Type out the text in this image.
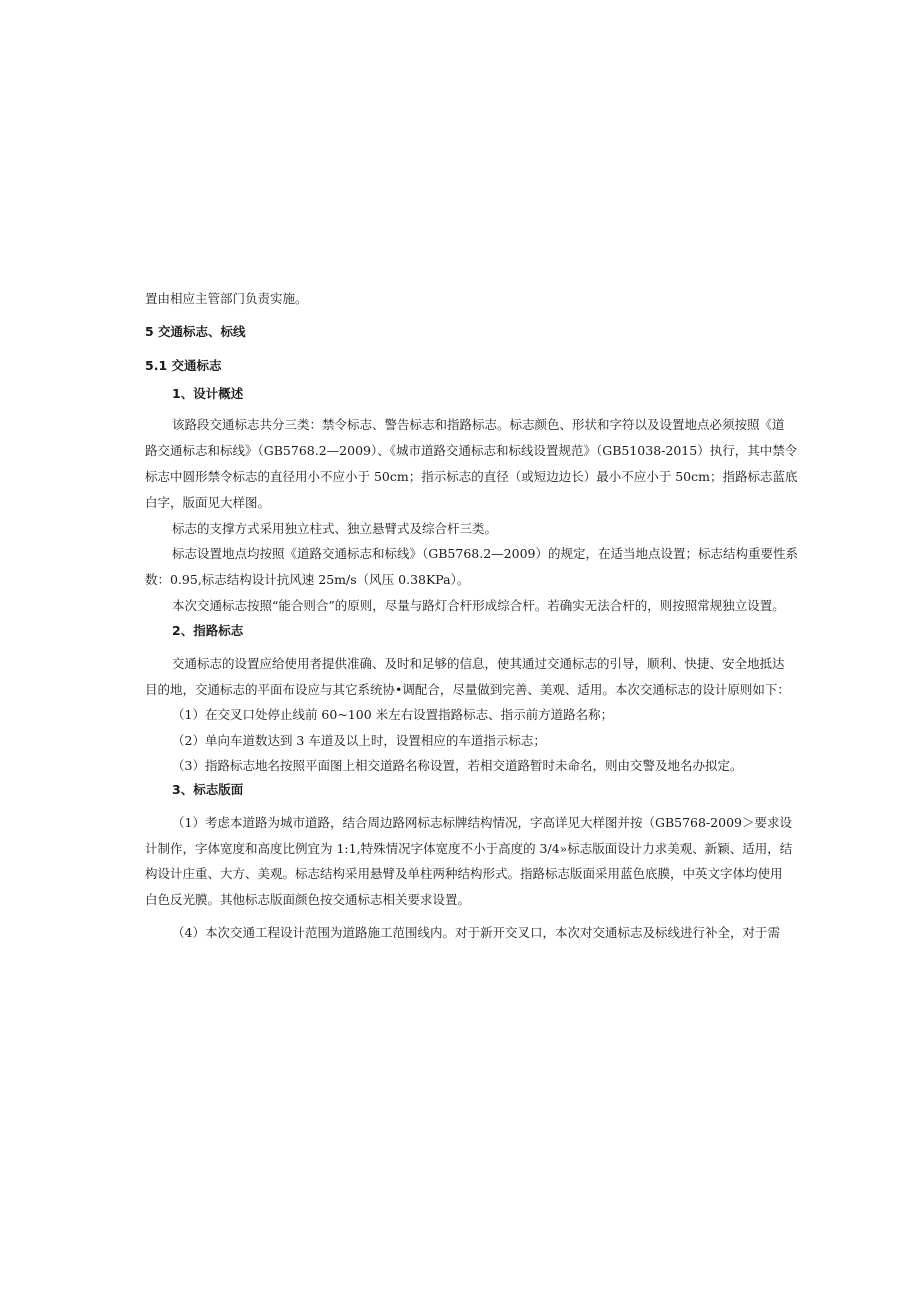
置由相应主管部门负责实施。
5 交通标志、标线
5.1 交通标志
1、设计概述
该路段交通标志共分三类：禁令标志、警告标志和指路标志。标志颜色、形状和字符以及设置地点必须按照《道
路交通标志和标线》（GB5768.2—2009）、《城市道路交通标志和标线设置规范》（GB51038-2015）执行，其中禁令
标志中圆形禁令标志的直径用小不应小于 50cm；指示标志的直径（或短边边长）最小不应小于 50cm；指路标志蓝底
白字，版面见大样图。
标志的支撑方式采用独立柱式、独立悬臂式及综合杆三类。
标志设置地点均按照《道路交通标志和标线》（GB5768.2—2009）的规定，在适当地点设置；标志结构重要性系
数：0.95,标志结构设计抗风速 25m/s（风压 0.38KPa）。
本次交通标志按照“能合则合”的原则，尽量与路灯合杆形成综合杆。若确实无法合杆的，则按照常规独立设置。
2、指路标志
交通标志的设置应给使用者提供准确、及时和足够的信息，使其通过交通标志的引导，顺利、快捷、安全地抵达
目的地，交通标志的平面布设应与其它系统协•调配合，尽量做到完善、美观、适用。本次交通标志的设计原则如下：
（1）在交叉口处停止线前 60~100 米左右设置指路标志、指示前方道路名称；
（2）单向车道数达到 3 车道及以上时，设置相应的车道指示标志；
（3）指路标志地名按照平面图上相交道路名称设置，若相交道路暂时未命名，则由交警及地名办拟定。
3、标志版面
（1）考虑本道路为城市道路，结合周边路网标志标牌结构情况，字高详见大样图并按（GB5768-2009＞要求设
计制作，字体宽度和高度比例宜为 1:1,特殊情况字体宽度不小于高度的 3/4»标志版面设计力求美观、新颖、适用，结
构设计庄重、大方、美观。标志结构采用悬臂及单柱两种结构形式。指路标志版面采用蓝色底膜，中英文字体均使用
白色反光膜。其他标志版面颜色按交通标志相关要求设置。
（4）本次交通工程设计范围为道路施工范围线内。对于新开交叉口，本次对交通标志及标线进行补全，对于需
